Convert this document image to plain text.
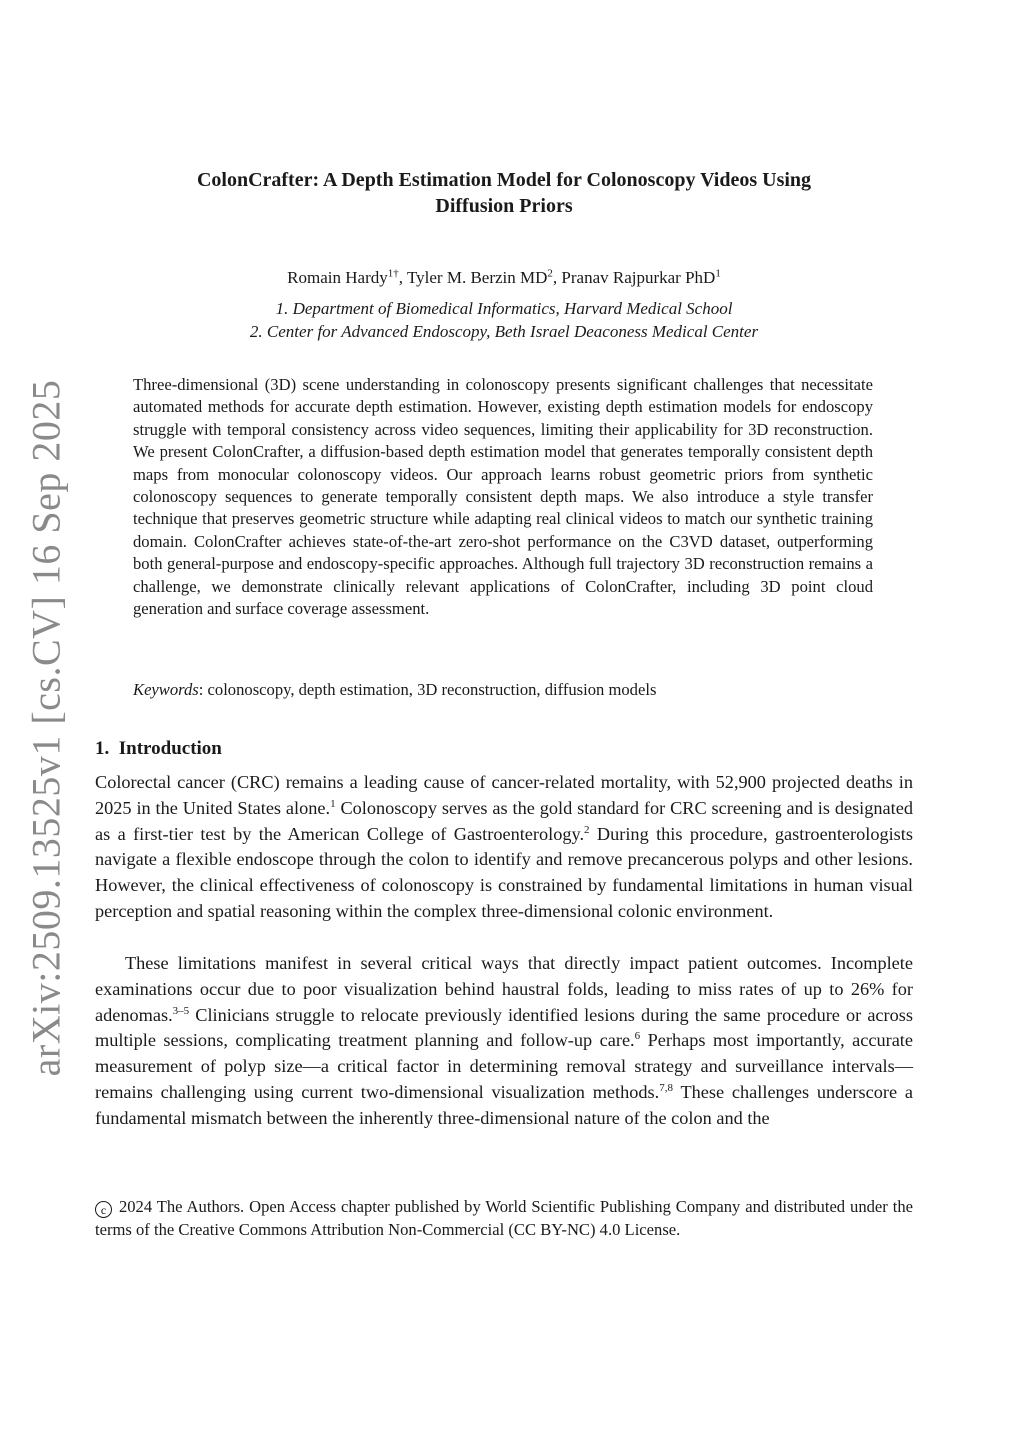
arXiv:2509.13525v1 [cs.CV] 16 Sep 2025
ColonCrafter: A Depth Estimation Model for Colonoscopy Videos Using
Diffusion Priors
Romain Hardy$^{1\dagger}$, Tyler M. Berzin $MD^2$, Pranav Rajpurkar PhD$^1$
1. Department of Biomedical Informatics, Harvard Medical School
2. Center for Advanced Endoscopy, Beth Israel Deaconess Medical Center

Three-dimensional (3D) scene understanding in colonoscopy presents significant challenges that necessitate automated methods for accurate depth estimation. However, existing depth estimation models for endoscopy struggle with temporal consistency across video sequences, limiting their applicability for 3D reconstruction. We present ColonCrafter, a diffusion-based depth estimation model that generates temporally consistent depth maps from monocular colonoscopy videos. Our approach learns robust geometric priors from synthetic colonoscopy sequences to generate temporally consistent depth maps. We also introduce a style transfer technique that preserves geometric structure while adapting real clinical videos to match our synthetic training domain. ColonCrafter achieves state-of-the-art zero-shot performance on the C3VD dataset, outperforming both general-purpose and endoscopy-specific approaches. Although full trajectory 3D reconstruction remains a challenge, we demonstrate clinically relevant applications of ColonCrafter, including 3D point cloud generation and surface coverage assessment.

Keywords: colonoscopy, depth estimation, 3D reconstruction, diffusion models

1. Introduction

Colorectal cancer (CRC) remains a leading cause of cancer-related mortality, with 52,900 projected deaths in 2025 in the United States alone.$^1$ Colonoscopy serves as the gold standard for CRC screening and is designated as a first-tier test by the American College of Gastroenterology.$^2$ During this procedure, gastroenterologists navigate a flexible endoscope through the colon to identify and remove precancerous polyps and other lesions. However, the clinical effectiveness of colonoscopy is constrained by fundamental limitations in human visual perception and spatial reasoning within the complex three-dimensional colonic environment.

These limitations manifest in several critical ways that directly impact patient outcomes. Incomplete examinations occur due to poor visualization behind haustral folds, leading to miss rates of up to 26% for adenomas.$^{3-5}$ Clinicians struggle to relocate previously identified lesions during the same procedure or across multiple sessions, complicating treatment planning and follow-up care.$^6$ Perhaps most importantly, accurate measurement of polyp size—a critical factor in determining removal strategy and surveillance intervals—remains challenging using current two-dimensional visualization methods.$^{7,8}$ These challenges underscore a fundamental mismatch between the inherently three-dimensional nature of the colon and the

c 2024 The Authors. Open Access chapter published by World Scientific Publishing Company and distributed under the terms of the Creative Commons Attribution Non-Commercial (CC BY-NC) 4.0 License.
